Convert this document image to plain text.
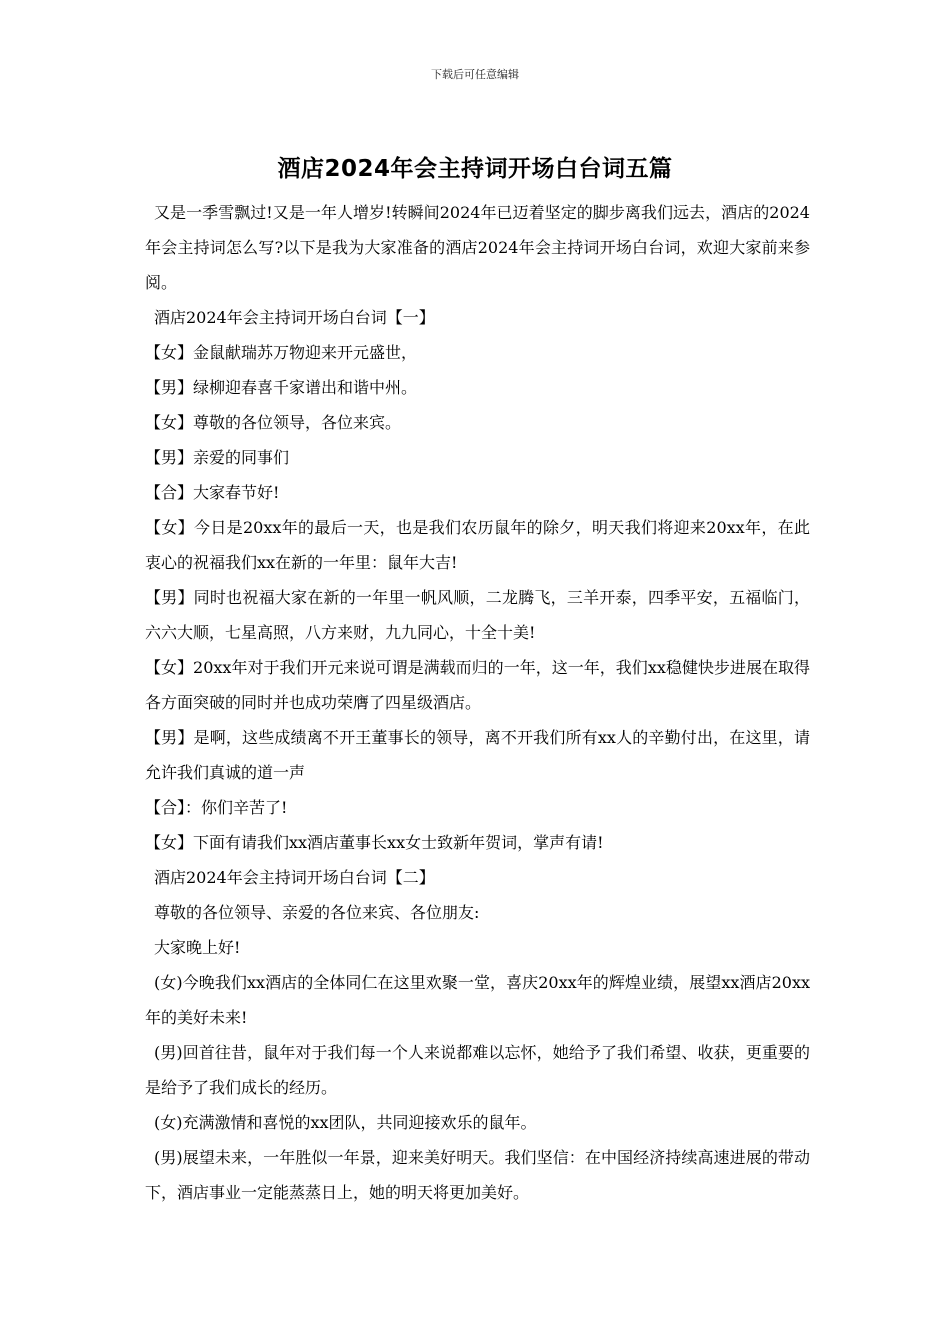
下载后可任意编辑
酒店2024年会主持词开场白台词五篇

又是一季雪飘过!又是一年人增岁!转瞬间2024年已迈着坚定的脚步离我们远去，酒店的2024年会主持词怎么写?以下是我为大家准备的酒店2024年会主持词开场白台词，欢迎大家前来参阅。

酒店2024年会主持词开场白台词【一】

【女】金鼠献瑞苏万物迎来开元盛世，

【男】绿柳迎春喜千家谱出和谐中州。

【女】尊敬的各位领导，各位来宾。

【男】亲爱的同事们

【合】大家春节好!

【女】今日是20xx年的最后一天，也是我们农历鼠年的除夕，明天我们将迎来20xx年，在此衷心的祝福我们xx在新的一年里：鼠年大吉!

【男】同时也祝福大家在新的一年里一帆风顺，二龙腾飞，三羊开泰，四季平安，五福临门，六六大顺，七星高照，八方来财，九九同心，十全十美!

【女】20xx年对于我们开元来说可谓是满载而归的一年，这一年，我们xx稳健快步进展在取得各方面突破的同时并也成功荣膺了四星级酒店。

【男】是啊，这些成绩离不开王董事长的领导，离不开我们所有xx人的辛勤付出，在这里，请允许我们真诚的道一声

【合】：你们辛苦了!

【女】下面有请我们xx酒店董事长xx女士致新年贺词，掌声有请!

酒店2024年会主持词开场白台词【二】

尊敬的各位领导、亲爱的各位来宾、各位朋友:

大家晚上好!

(女)今晚我们xx酒店的全体同仁在这里欢聚一堂，喜庆20xx年的辉煌业绩，展望xx酒店20xx年的美好未来!

(男)回首往昔，鼠年对于我们每一个人来说都难以忘怀，她给予了我们希望、收获，更重要的是给予了我们成长的经历。

(女)充满激情和喜悦的xx团队，共同迎接欢乐的鼠年。

(男)展望未来，一年胜似一年景，迎来美好明天。我们坚信：在中国经济持续高速进展的带动下，酒店事业一定能蒸蒸日上，她的明天将更加美好。
